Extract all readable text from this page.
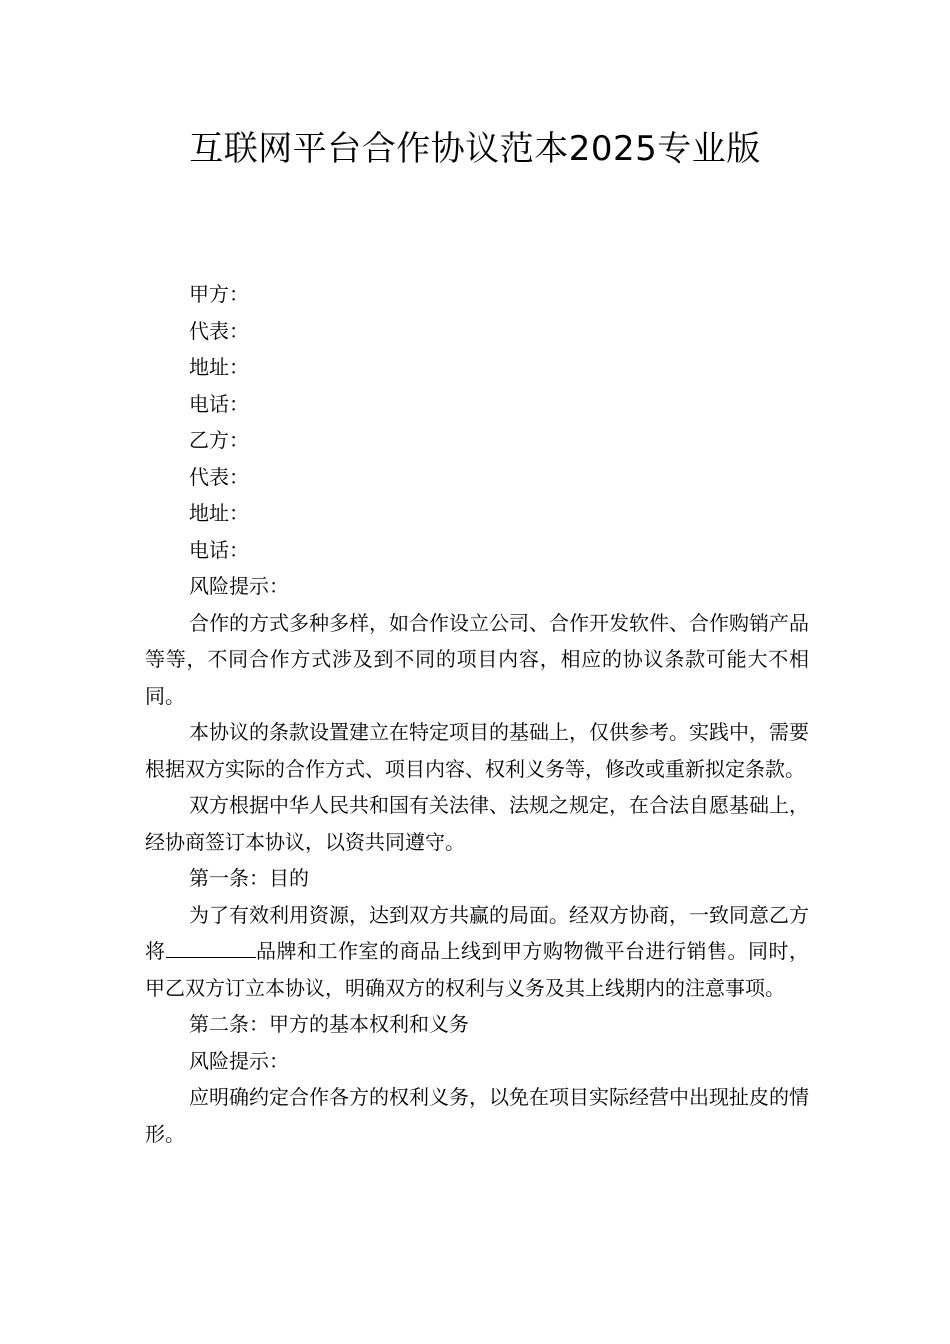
互联网平台合作协议范本2025专业版

甲方：

代表：

地址：

电话：

乙方：

代表：

地址：

电话：

风险提示：

合作的方式多种多样，如合作设立公司、合作开发软件、合作购销产品等等，不同合作方式涉及到不同的项目内容，相应的协议条款可能大不相同。

本协议的条款设置建立在特定项目的基础上，仅供参考。实践中，需要根据双方实际的合作方式、项目内容、权利义务等，修改或重新拟定条款。

双方根据中华人民共和国有关法律、法规之规定，在合法自愿基础上，经协商签订本协议，以资共同遵守。

第一条：目的

为了有效利用资源，达到双方共赢的局面。经双方协商，一致同意乙方将	品牌和工作室的商品上线到甲方购物微平台进行销售。同时，甲乙双方订立本协议，明确双方的权利与义务及其上线期内的注意事项。

第二条：甲方的基本权利和义务

风险提示：

应明确约定合作各方的权利义务，以免在项目实际经营中出现扯皮的情形。
